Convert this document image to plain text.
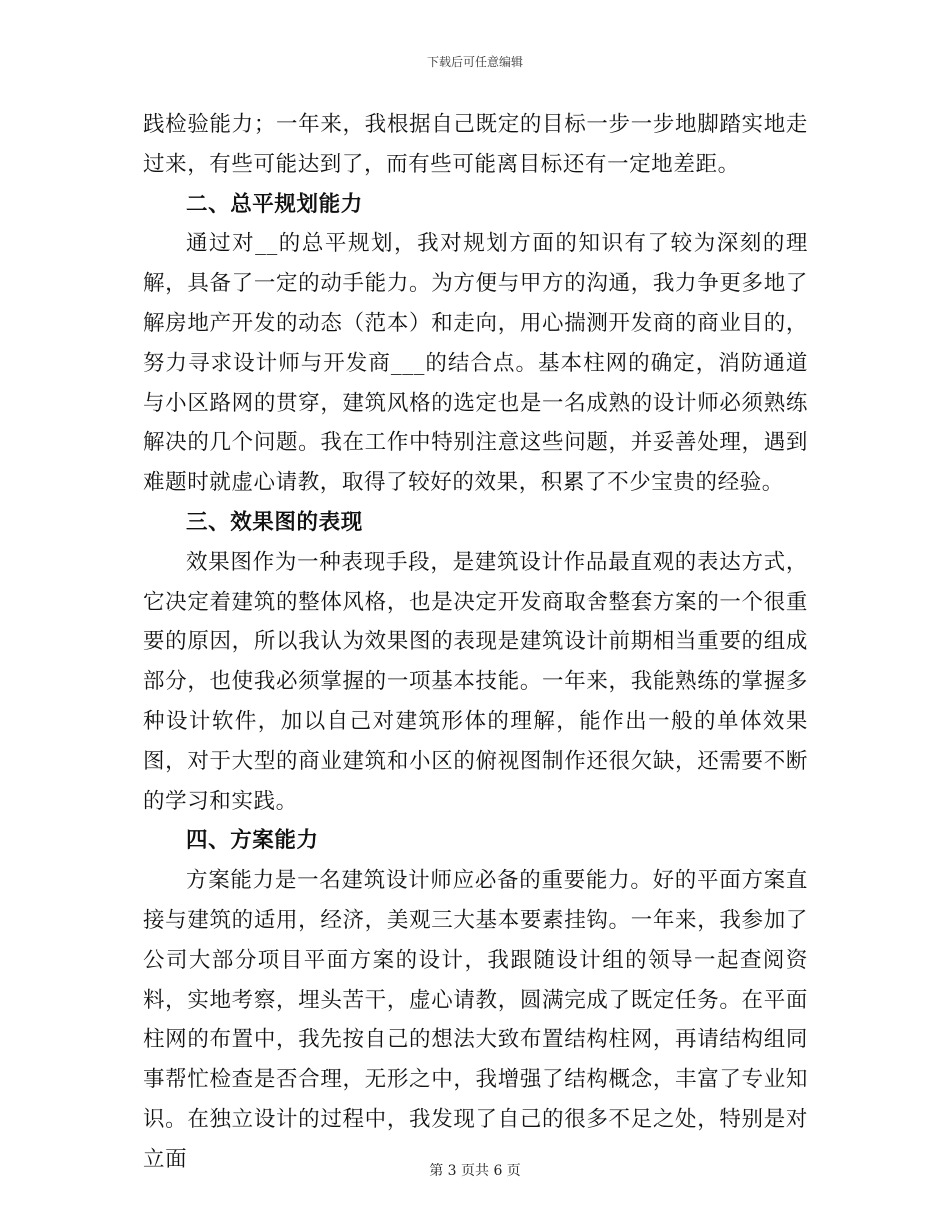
下载后可任意编辑

践检验能力；一年来，我根据自己既定的目标一步一步地脚踏实地走过来，有些可能达到了，而有些可能离目标还有一定地差距。

二、总平规划能力

通过对__的总平规划，我对规划方面的知识有了较为深刻的理解，具备了一定的动手能力。为方便与甲方的沟通，我力争更多地了解房地产开发的动态（范本）和走向，用心揣测开发商的商业目的，努力寻求设计师与开发商___的结合点。基本柱网的确定，消防通道与小区路网的贯穿，建筑风格的选定也是一名成熟的设计师必须熟练解决的几个问题。我在工作中特别注意这些问题，并妥善处理，遇到难题时就虚心请教，取得了较好的效果，积累了不少宝贵的经验。

三、效果图的表现

效果图作为一种表现手段，是建筑设计作品最直观的表达方式，它决定着建筑的整体风格，也是决定开发商取舍整套方案的一个很重要的原因，所以我认为效果图的表现是建筑设计前期相当重要的组成部分，也使我必须掌握的一项基本技能。一年来，我能熟练的掌握多种设计软件，加以自己对建筑形体的理解，能作出一般的单体效果图，对于大型的商业建筑和小区的俯视图制作还很欠缺，还需要不断的学习和实践。

四、方案能力

方案能力是一名建筑设计师应必备的重要能力。好的平面方案直接与建筑的适用，经济，美观三大基本要素挂钩。一年来，我参加了公司大部分项目平面方案的设计，我跟随设计组的领导一起查阅资料，实地考察，埋头苦干，虚心请教，圆满完成了既定任务。在平面柱网的布置中，我先按自己的想法大致布置结构柱网，再请结构组同事帮忙检查是否合理，无形之中，我增强了结构概念，丰富了专业知识。在独立设计的过程中，我发现了自己的很多不足之处，特别是对立面	第 3 页共 6 页
